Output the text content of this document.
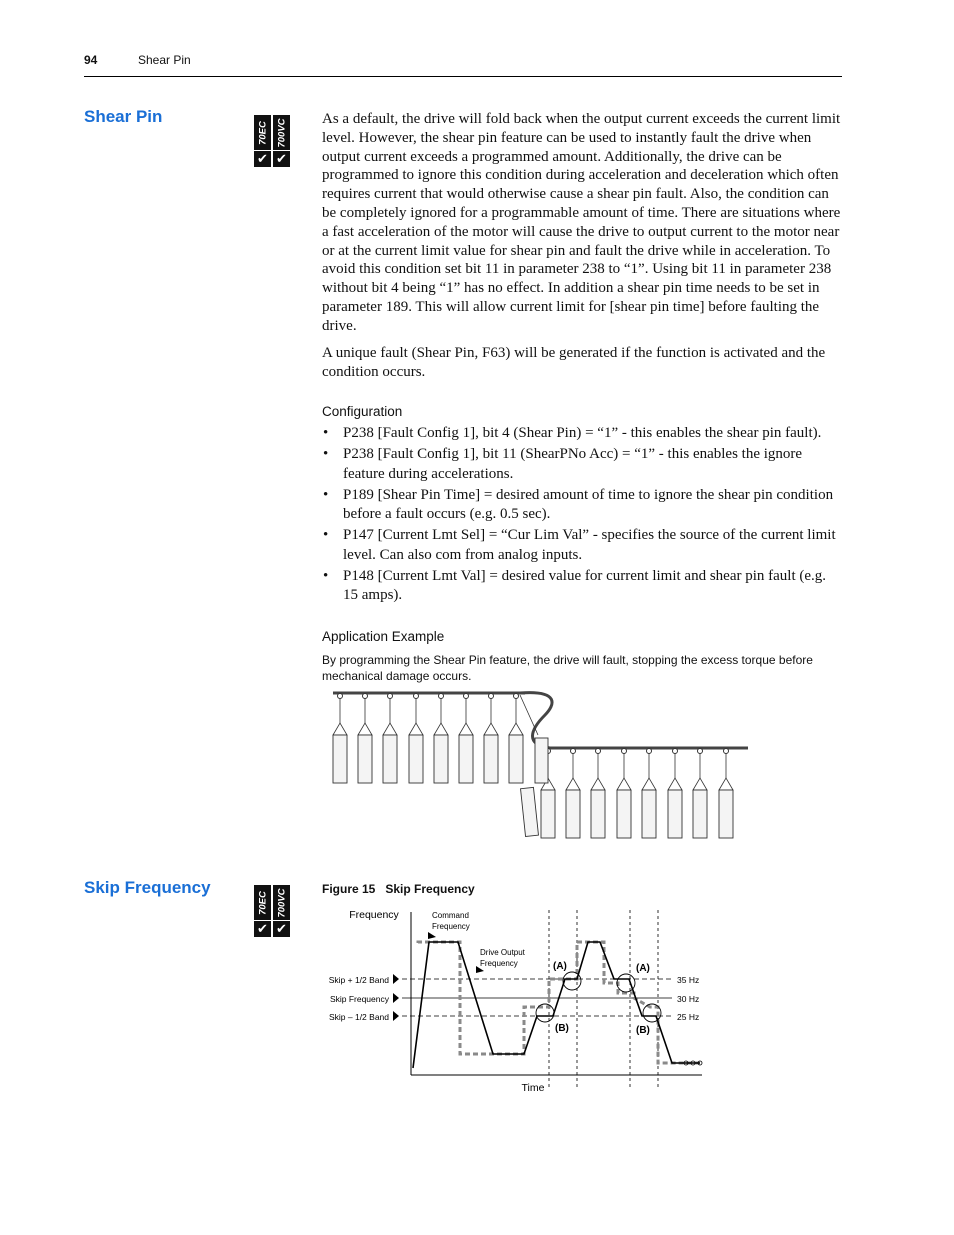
94	Shear Pin
Shear Pin
70EC
✔
700VC
✔
As a default, the drive will fold back when the output current exceeds the current limit level. However, the shear pin feature can be used to instantly fault the drive when output current exceeds a programmed amount. Additionally, the drive can be programmed to ignore this condition during acceleration and deceleration which often requires current that would otherwise cause a shear pin fault. Also, the condition can be completely ignored for a programmable amount of time. There are situations where a fast acceleration of the motor will cause the drive to output current to the motor near or at the current limit value for shear pin and fault the drive while in acceleration. To avoid this condition set bit 11 in parameter 238 to “1”. Using bit 11 in parameter 238 without bit 4 being “1” has no effect. In addition a shear pin time needs to be set in parameter 189. This will allow current limit for [shear pin time] before faulting the drive.
A unique fault (Shear Pin, F63) will be generated if the function is activated and the condition occurs.
Configuration
• P238 [Fault Config 1], bit 4 (Shear Pin) = “1” - this enables the shear pin fault).
• P238 [Fault Config 1], bit 11 (ShearPNo Acc) = “1” - this enables the ignore feature during accelerations.
• P189 [Shear Pin Time] = desired amount of time to ignore the shear pin condition before a fault occurs (e.g. 0.5 sec).
• P147 [Current Lmt Sel] = “Cur Lim Val” - specifies the source of the current limit level. Can also com from analog inputs.
• P148 [Current Lmt Val] = desired value for current limit and shear pin fault (e.g. 15 amps).
Application Example
By programming the Shear Pin feature, the drive will fault, stopping the excess torque before mechanical damage occurs.
Skip Frequency
70EC
✔
700VC
✔
Figure 15 Skip Frequency
Frequency
Time
Skip + 1/2 Band
Skip Frequency
Skip – 1/2 Band
35 Hz
30 Hz
25 Hz
(A)	(A)
(B)	(B)
Command
Frequency
Drive Output
Frequency
